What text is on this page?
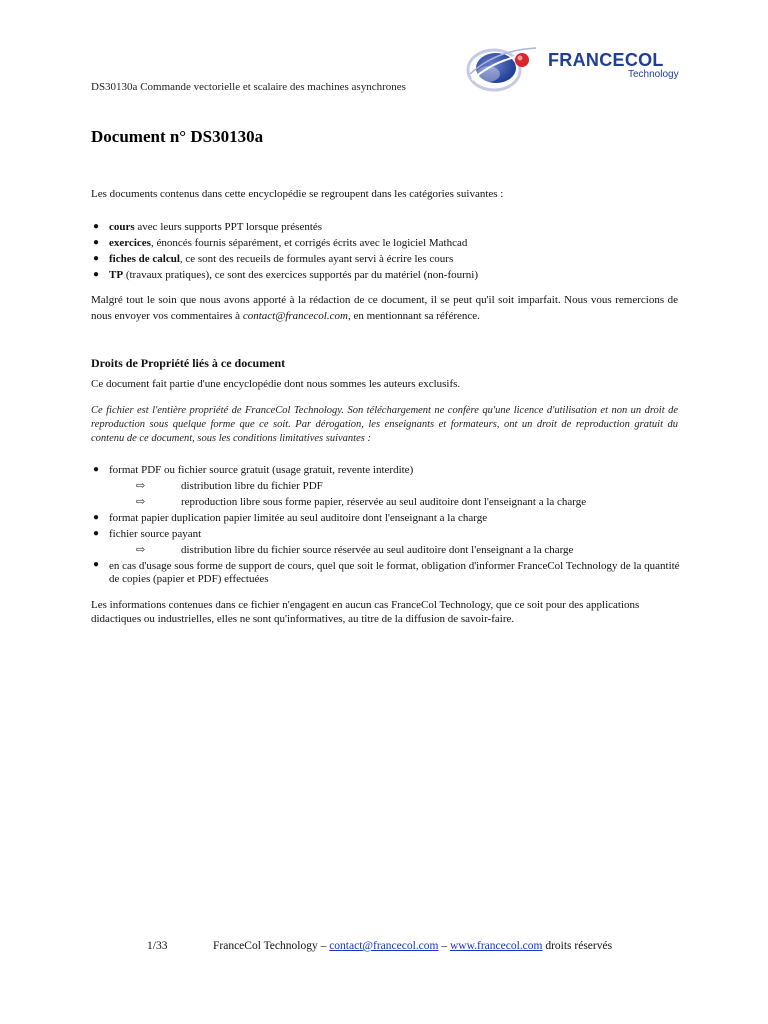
DS30130a Commande vectorielle et scalaire des machines asynchrones
FRANCECOL
Technology
Document n° DS30130a
Les documents contenus dans cette encyclopédie se regroupent dans les catégories suivantes :
● cours avec leurs supports PPT lorsque présentés
● exercices, énoncés fournis séparément, et corrigés écrits avec le logiciel Mathcad
● fiches de calcul, ce sont des recueils de formules ayant servi à écrire les cours
● TP (travaux pratiques), ce sont des exercices supportés par du matériel (non-fourni)
Malgré tout le soin que nous avons apporté à la rédaction de ce document, il se peut qu'il soit imparfait. Nous vous remercions de nous envoyer vos commentaires à contact@francecol.com, en mentionnant sa référence.
Droits de Propriété liés à ce document
Ce document fait partie d'une encyclopédie dont nous sommes les auteurs exclusifs.
Ce fichier est l'entière propriété de FranceCol Technology. Son téléchargement ne confère qu'une licence d'utilisation et non un droit de reproduction sous quelque forme que ce soit. Par dérogation, les enseignants et formateurs, ont un droit de reproduction gratuit du contenu de ce document, sous les conditions limitatives suivantes :
● format PDF ou fichier source gratuit (usage gratuit, revente interdite)
⇨	distribution libre du fichier PDF
⇨	reproduction libre sous forme papier, réservée au seul auditoire dont l'enseignant a la charge
● format papier duplication papier limitée au seul auditoire dont l'enseignant a la charge
● fichier source payant
⇨	distribution libre du fichier source réservée au seul auditoire dont l'enseignant a la charge
● en cas d'usage sous forme de support de cours, quel que soit le format, obligation d'informer FranceCol Technology de la quantité de copies (papier et PDF) effectuées
Les informations contenues dans ce fichier n'engagent en aucun cas FranceCol Technology, que ce soit pour des applications didactiques ou industrielles, elles ne sont qu'informatives, au titre de la diffusion de savoir-faire.
1/33	FranceCol Technology – contact@francecol.com – www.francecol.com droits réservés
